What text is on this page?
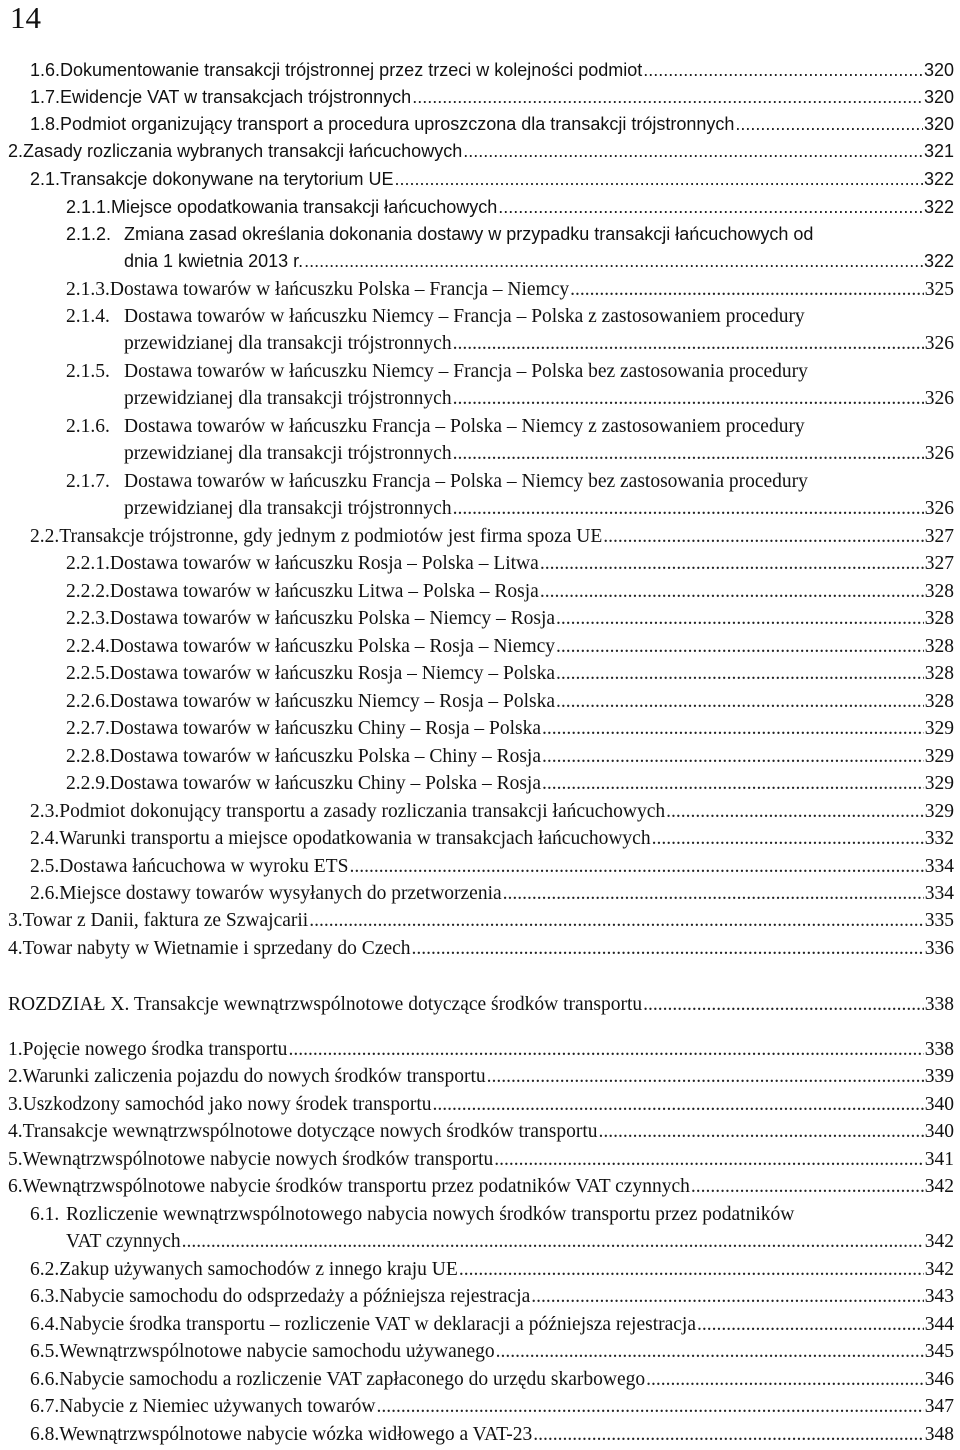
14
1.6. Dokumentowanie transakcji trójstronnej przez trzeci w kolejności podmiot .....	320
1.7. Ewidencje VAT w transakcjach trójstronnych .....	320
1.8. Podmiot organizujący transport a procedura uproszczona dla transakcji trójstronnych .....	320
2. Zasady rozliczania wybranych transakcji łańcuchowych .....	321
2.1. Transakcje dokonywane na terytorium UE .....	322
2.1.1. Miejsce opodatkowania transakcji łańcuchowych .....	322
2.1.2. Zmiana zasad określania dokonania dostawy w przypadku transakcji łańcuchowych od
dnia 1 kwietnia 2013 r. .....	322
2.1.3. Dostawa towarów w łańcuszku Polska – Francja – Niemcy .....	325
2.1.4. Dostawa towarów w łańcuszku Niemcy – Francja – Polska z zastosowaniem procedury
przewidzianej dla transakcji trójstronnych .....	326
2.1.5. Dostawa towarów w łańcuszku Niemcy – Francja – Polska bez zastosowania procedury
przewidzianej dla transakcji trójstronnych .....	326
2.1.6. Dostawa towarów w łańcuszku Francja – Polska – Niemcy z zastosowaniem procedury
przewidzianej dla transakcji trójstronnych .....	326
2.1.7. Dostawa towarów w łańcuszku Francja – Polska – Niemcy bez zastosowania procedury
przewidzianej dla transakcji trójstronnych .....	326
2.2. Transakcje trójstronne, gdy jednym z podmiotów jest firma spoza UE .....	327
2.2.1. Dostawa towarów w łańcuszku Rosja – Polska – Litwa .....	327
2.2.2. Dostawa towarów w łańcuszku Litwa – Polska – Rosja .....	328
2.2.3. Dostawa towarów w łańcuszku Polska – Niemcy – Rosja .....	328
2.2.4. Dostawa towarów w łańcuszku Polska – Rosja – Niemcy .....	328
2.2.5. Dostawa towarów w łańcuszku Rosja – Niemcy – Polska .....	328
2.2.6. Dostawa towarów w łańcuszku Niemcy – Rosja – Polska .....	328
2.2.7. Dostawa towarów w łańcuszku Chiny – Rosja – Polska .....	329
2.2.8. Dostawa towarów w łańcuszku Polska – Chiny – Rosja .....	329
2.2.9. Dostawa towarów w łańcuszku Chiny – Polska – Rosja .....	329
2.3. Podmiot dokonujący transportu a zasady rozliczania transakcji łańcuchowych .....	329
2.4. Warunki transportu a miejsce opodatkowania w transakcjach łańcuchowych .....	332
2.5. Dostawa łańcuchowa w wyroku ETS .....	334
2.6. Miejsce dostawy towarów wysyłanych do przetworzenia .....	334
3. Towar z Danii, faktura ze Szwajcarii .....	335
4. Towar nabyty w Wietnamie i sprzedany do Czech .....	336
ROZDZIAŁ X. Transakcje wewnątrzwspólnotowe dotyczące środków transportu .....	338
1. Pojęcie nowego środka transportu .....	338
2. Warunki zaliczenia pojazdu do nowych środków transportu .....	339
3. Uszkodzony samochód jako nowy środek transportu .....	340
4. Transakcje wewnątrzwspólnotowe dotyczące nowych środków transportu .....	340
5. Wewnątrzwspólnotowe nabycie nowych środków transportu .....	341
6. Wewnątrzwspólnotowe nabycie środków transportu przez podatników VAT czynnych .....	342
6.1. Rozliczenie wewnątrzwspólnotowego nabycia nowych środków transportu przez podatników
VAT czynnych .....	342
6.2. Zakup używanych samochodów z innego kraju UE .....	342
6.3. Nabycie samochodu do odsprzedaży a późniejsza rejestracja .....	343
6.4. Nabycie środka transportu – rozliczenie VAT w deklaracji a późniejsza rejestracja .....	344
6.5. Wewnątrzwspólnotowe nabycie samochodu używanego .....	345
6.6. Nabycie samochodu a rozliczenie VAT zapłaconego do urzędu skarbowego .....	346
6.7. Nabycie z Niemiec używanych towarów .....	347
6.8. Wewnątrzwspólnotowe nabycie wózka widłowego a VAT-23 .....	348
